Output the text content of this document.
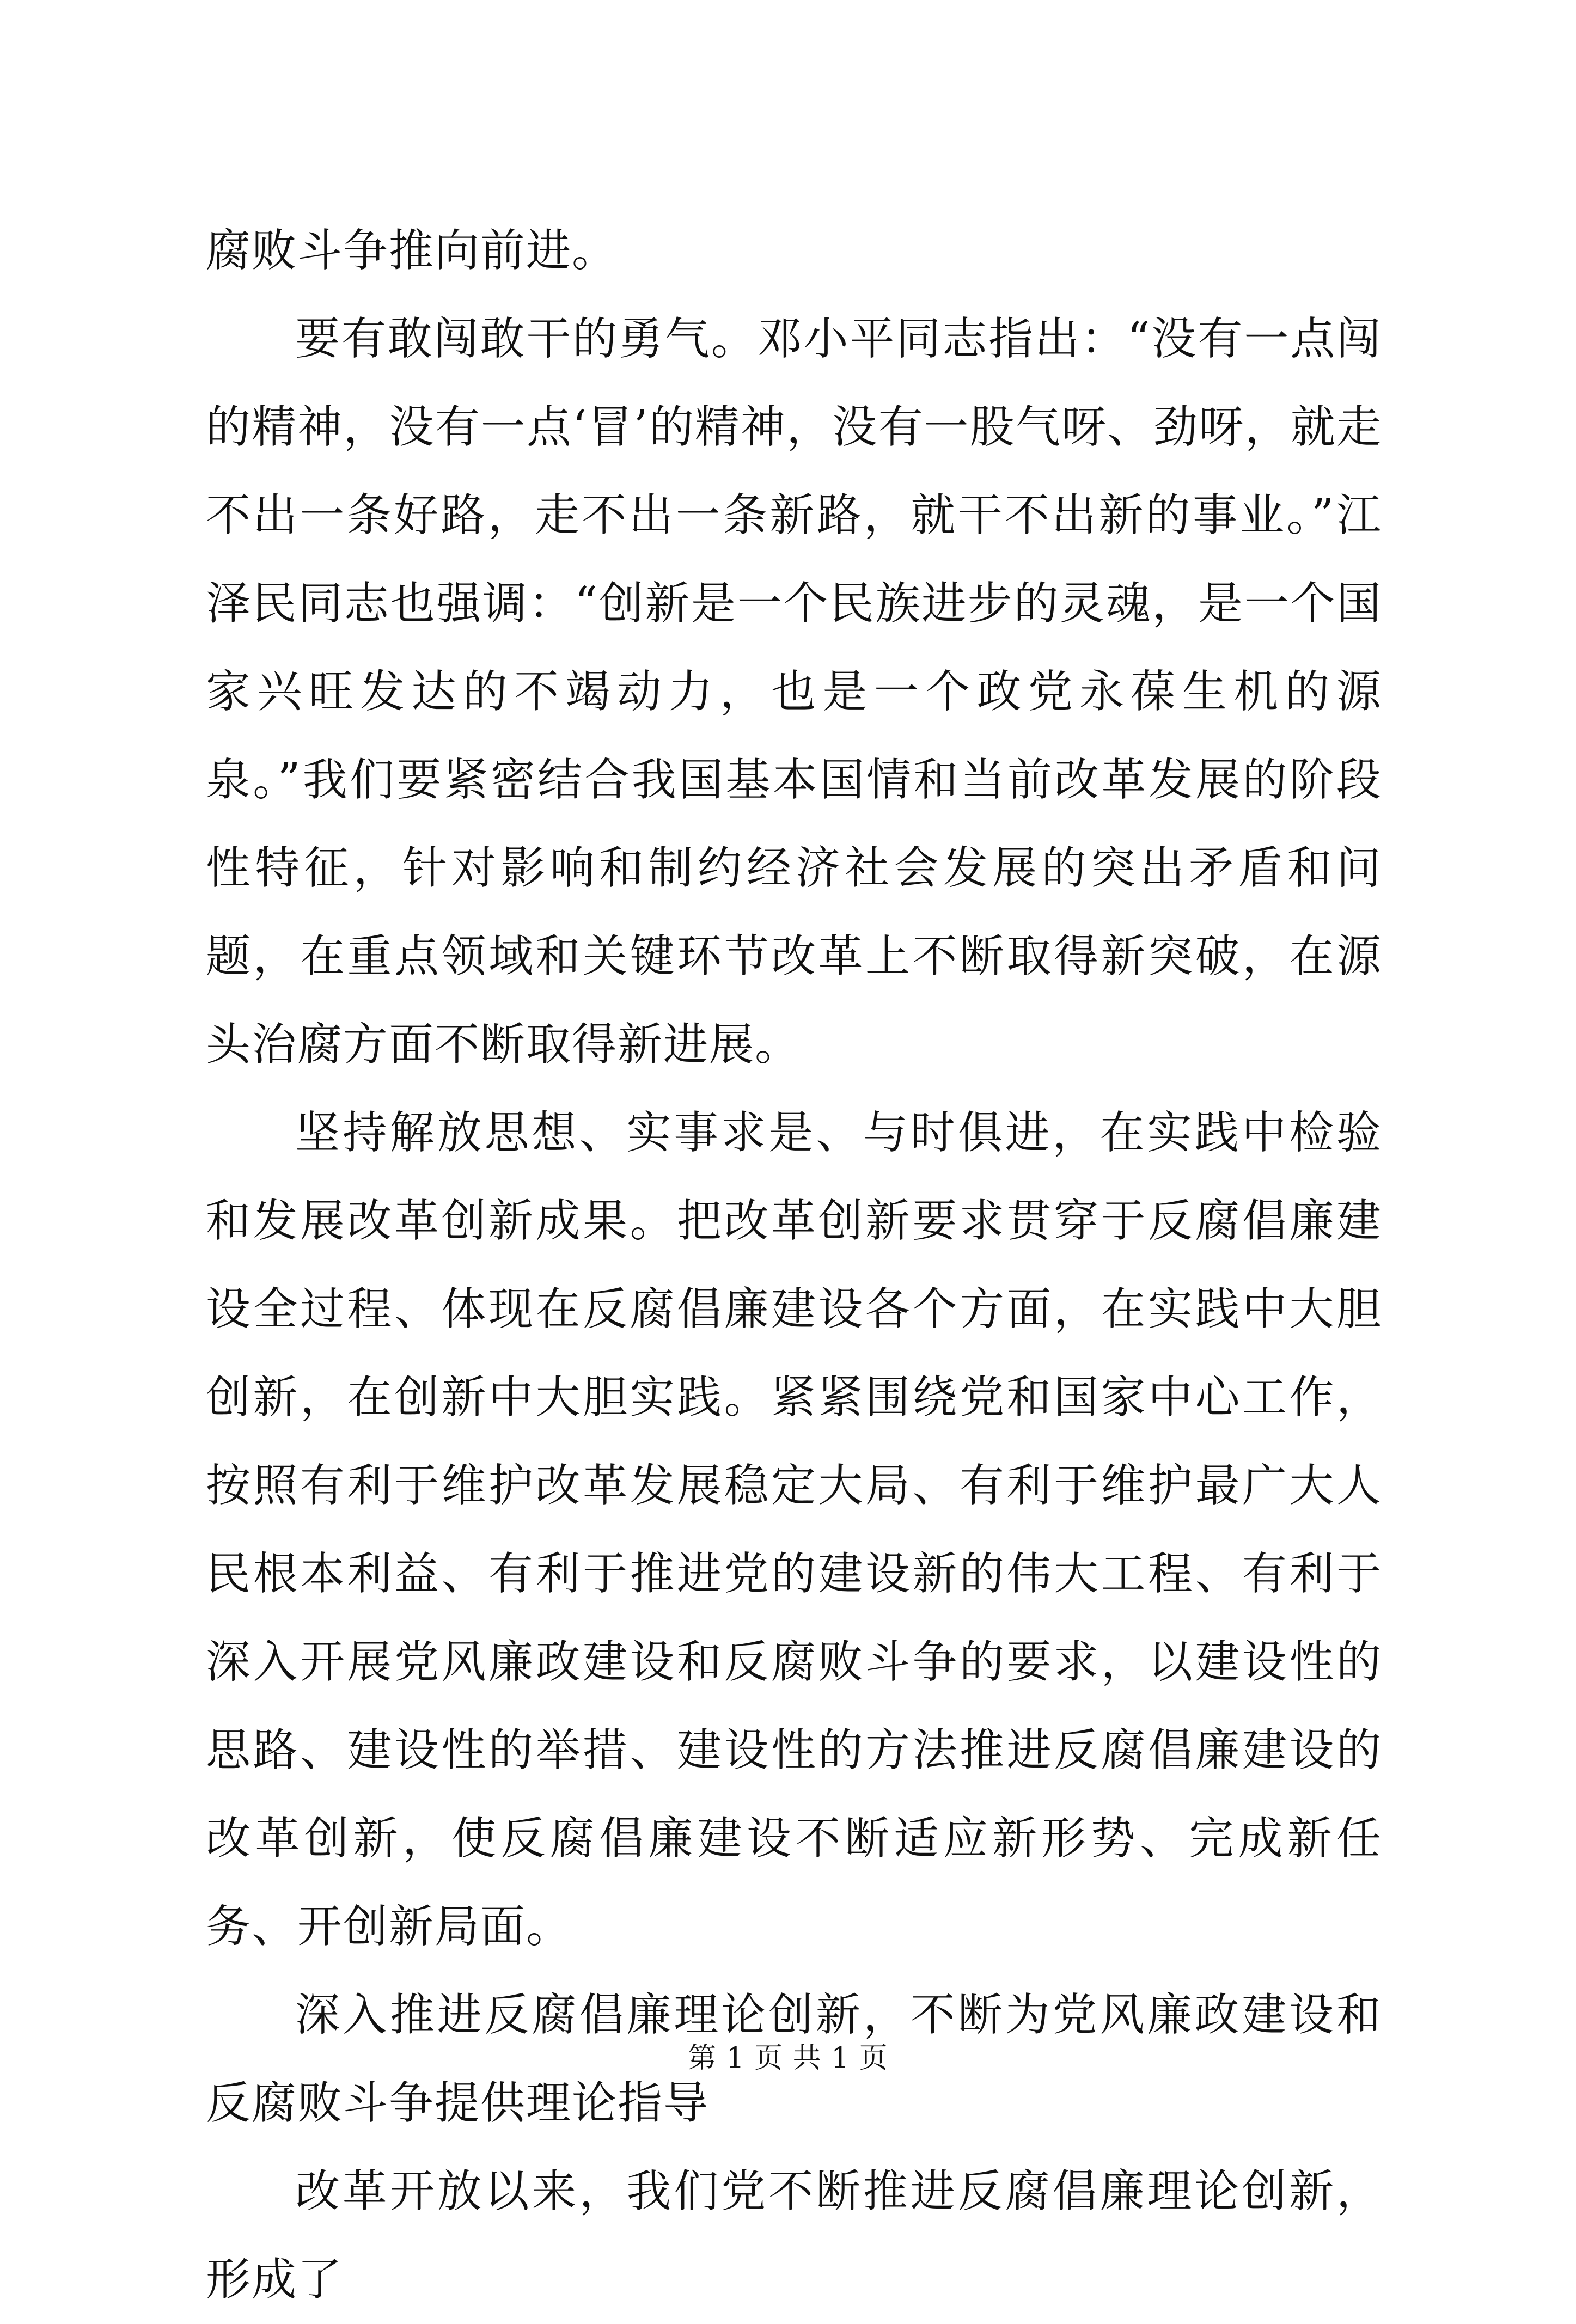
腐败斗争推向前进。

要有敢闯敢干的勇气。邓小平同志指出：“没有一点闯的精神，没有一点‘冒’的精神，没有一股气呀、劲呀，就走不出一条好路，走不出一条新路，就干不出新的事业。”江泽民同志也强调：“创新是一个民族进步的灵魂，是一个国家兴旺发达的不竭动力，也是一个政党永葆生机的源泉。”我们要紧密结合我国基本国情和当前改革发展的阶段性特征，针对影响和制约经济社会发展的突出矛盾和问题，在重点领域和关键环节改革上不断取得新突破，在源头治腐方面不断取得新进展。

坚持解放思想、实事求是、与时俱进，在实践中检验和发展改革创新成果。把改革创新要求贯穿于反腐倡廉建设全过程、体现在反腐倡廉建设各个方面，在实践中大胆创新，在创新中大胆实践。紧紧围绕党和国家中心工作，按照有利于维护改革发展稳定大局、有利于维护最广大人民根本利益、有利于推进党的建设新的伟大工程、有利于深入开展党风廉政建设和反腐败斗争的要求，以建设性的思路、建设性的举措、建设性的方法推进反腐倡廉建设的改革创新，使反腐倡廉建设不断适应新形势、完成新任务、开创新局面。

深入推进反腐倡廉理论创新，不断为党风廉政建设和反腐败斗争提供理论指导

改革开放以来，我们党不断推进反腐倡廉理论创新，形成了

第 1 页 共 1 页
